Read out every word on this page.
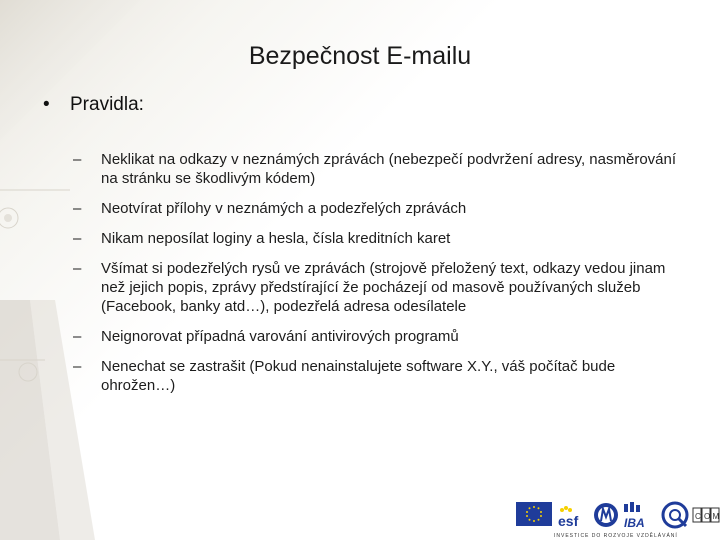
Bezpečnost E-mailu
• Pravidla:
– Neklikat na odkazy v neznámých zprávách (nebezpečí podvržení adresy, nasměrování na stránku se škodlivým kódem)
– Neotvírat přílohy v neznámých a podezřelých zprávách
– Nikam neposílat loginy a hesla, čísla kreditních karet
– Všímat si podezřelých rysů ve zprávách (strojově přeložený text, odkazy vedou jinam než jejich popis, zprávy předstírající že pocházejí od masově používaných služeb (Facebook, banky atd…), podezřelá adresa odesílatele
– Neignorovat případná varování antivirových programů
– Nenechat se zastrašit (Pokud nenainstalujete software X.Y., váš počítač bude ohrožen…)
esf	IBA	C O M
INVESTICE DO ROZVOJE VZDĚLÁVÁNÍ
